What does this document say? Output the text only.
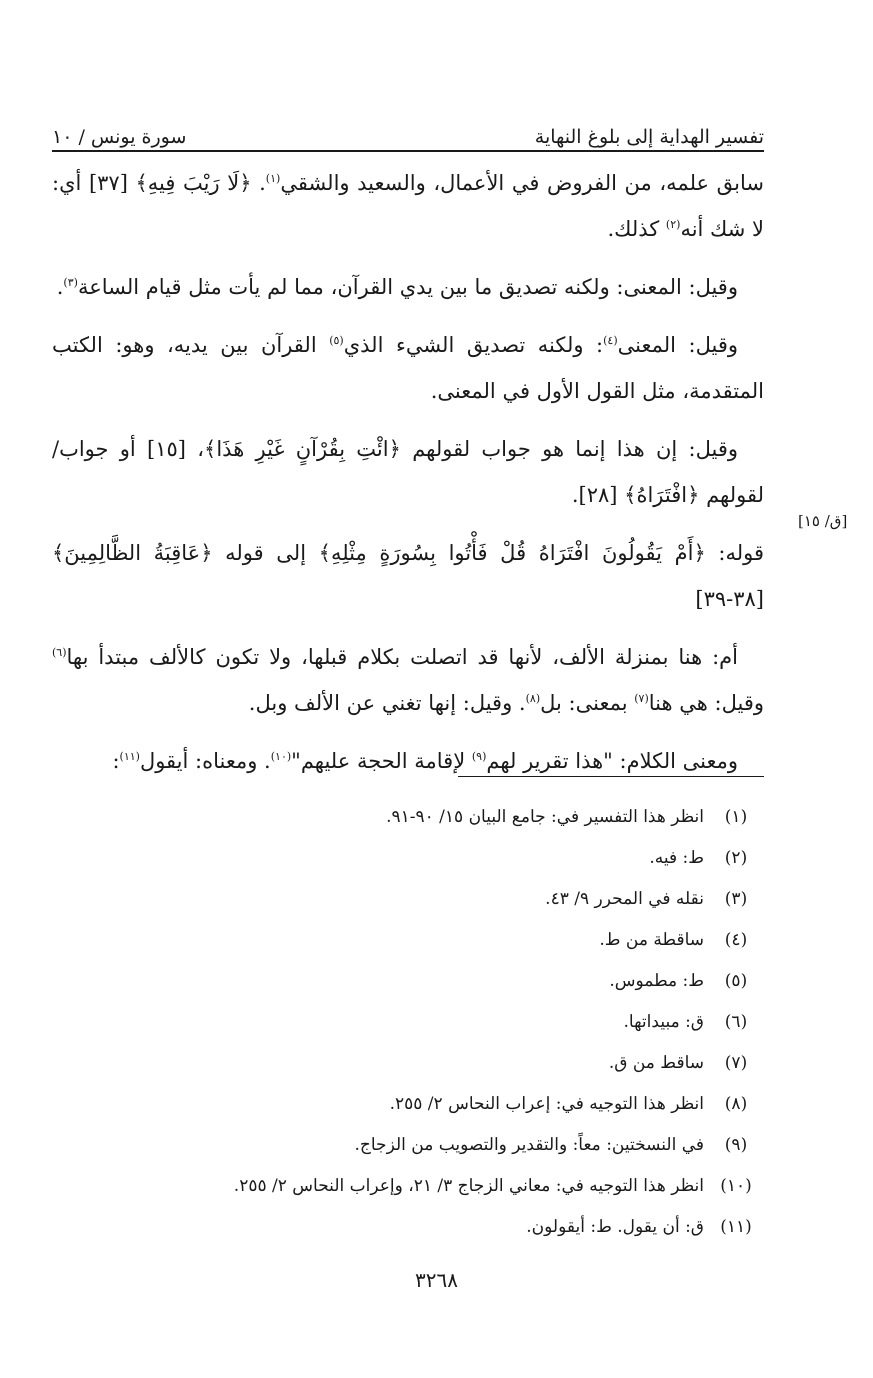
تفسير الهداية إلى بلوغ النهاية
سورة يونس / ١٠

سابق علمه، من الفروض في الأعمال، والسعيد والشقي$^{(١)}$. ﴿لَا رَيْبَ فِيهِ﴾ [٣٧] أي: لا شك أنه$^{(٢)}$ كذلك.

وقيل: المعنى: ولكنه تصديق ما بين يدي القرآن، مما لم يأت مثل قيام الساعة$^{(٣)}$.

وقيل: المعنى$^{(٤)}$: ولكنه تصديق الشيء الذي$^{(٥)}$ القرآن بين يديه، وهو: الكتب المتقدمة، مثل القول الأول في المعنى.

وقيل: إن هذا إنما هو جواب لقولهم ﴿ائْتِ بِقُرْآنٍ غَيْرِ هَذَا﴾، [١٥] أو جواب/ لقولهم ﴿افْتَرَاهُ﴾ [٢٨].

قوله: ﴿أَمْ يَقُولُونَ افْتَرَاهُ قُلْ فَأْتُوا بِسُورَةٍ مِثْلِهِ﴾ إلى قوله ﴿عَاقِبَةُ الظَّالِمِينَ﴾ [٣٨-٣٩]

أم: هنا بمنزلة الألف، لأنها قد اتصلت بكلام قبلها، ولا تكون كالألف مبتدأ بها$^{(٦)}$ وقيل: هي هنا$^{(٧)}$ بمعنى: بل$^{(٨)}$. وقيل: إنها تغني عن الألف وبل.

ومعنى الكلام: "هذا تقرير لهم$^{(٩)}$ لإقامة الحجة عليهم"$^{(١٠)}$. ومعناه: أيقول$^{(١١)}$:

[ق/ ١٥]
(١)
انظر هذا التفسير في: جامع البيان ١٥/ ٩٠-٩١.
(٢)
ط: فيه.
(٣)
نقله في المحرر ٩/ ٤٣.
(٤)
ساقطة من ط.
(٥)
ط: مطموس.
(٦)
ق: مبيداتها.
(٧)
ساقط من ق.
(٨)
انظر هذا التوجيه في: إعراب النحاس ٢/ ٢٥٥.
(٩)
في النسختين: معاً: والتقدير والتصويب من الزجاج.
(١٠)
انظر هذا التوجيه في: معاني الزجاج ٣/ ٢١، وإعراب النحاس ٢/ ٢٥٥.
(١١)
ق: أن يقول. ط: أيقولون.
٣٢٦٨
